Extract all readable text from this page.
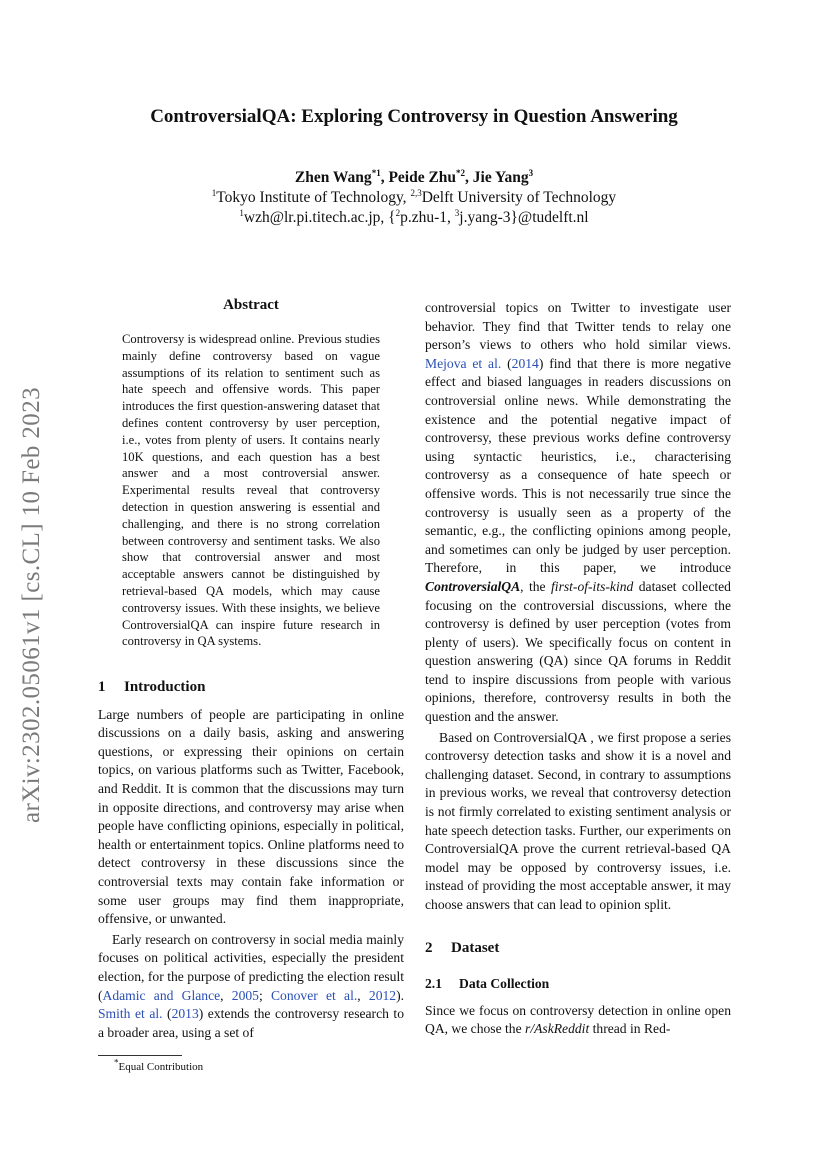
arXiv:2302.05061v1 [cs.CL] 10 Feb 2023
ControversialQA: Exploring Controversy in Question Answering
Zhen Wang$^{*1}$, Peide Zhu$^{*2}$, Jie Yang$^3$
$^1$Tokyo Institute of Technology, $^{2,3}$Delft University of Technology
$^1$wzh@lr.pi.titech.ac.jp, {$^2$p.zhu-1, $^3$j.yang-3}@tudelft.nl
Abstract
Controversy is widespread online. Previous studies mainly define controversy based on vague assumptions of its relation to sentiment such as hate speech and offensive words. This paper introduces the first question-answering dataset that defines content controversy by user perception, i.e., votes from plenty of users. It contains nearly 10K questions, and each question has a best answer and a most controversial answer. Experimental results reveal that controversy detection in question answering is essential and challenging, and there is no strong correlation between controversy and sentiment tasks. We also show that controversial answer and most acceptable answers cannot be distinguished by retrieval-based QA models, which may cause controversy issues. With these insights, we believe ControversialQA can inspire future research in controversy in QA systems.
1 Introduction

Large numbers of people are participating in online discussions on a daily basis, asking and answering questions, or expressing their opinions on certain topics, on various platforms such as Twitter, Facebook, and Reddit. It is common that the discussions may turn in opposite directions, and controversy may arise when people have conflicting opinions, especially in political, health or entertainment topics. Online platforms need to detect controversy in these discussions since the controversial texts may contain fake information or some user groups may find them inappropriate, offensive, or unwanted.

Early research on controversy in social media mainly focuses on political activities, especially the president election, for the purpose of predicting the election result (Adamic and Glance, 2005; Conover et al., 2012). Smith et al. (2013) extends the controversy research to a broader area, using a set of

controversial topics on Twitter to investigate user behavior. They find that Twitter tends to relay one person’s views to others who hold similar views. Mejova et al. (2014) find that there is more negative effect and biased languages in readers discussions on controversial online news. While demonstrating the existence and the potential negative impact of controversy, these previous works define controversy using syntactic heuristics, i.e., characterising controversy as a consequence of hate speech or offensive words. This is not necessarily true since the controversy is usually seen as a property of the semantic, e.g., the conflicting opinions among people, and sometimes can only be judged by user perception. Therefore, in this paper, we introduce ControversialQA, the first-of-its-kind dataset collected focusing on the controversial discussions, where the controversy is defined by user perception (votes from plenty of users). We specifically focus on content in question answering (QA) since QA forums in Reddit tend to inspire discussions from people with various opinions, therefore, controversy results in both the question and the answer.

Based on ControversialQA , we first propose a series controversy detection tasks and show it is a novel and challenging dataset. Second, in contrary to assumptions in previous works, we reveal that controversy detection is not firmly correlated to existing sentiment analysis or hate speech detection tasks. Further, our experiments on ControversialQA prove the current retrieval-based QA model may be opposed by controversy issues, i.e. instead of providing the most acceptable answer, it may choose answers that can lead to opinion split.

2 Dataset
2.1 Data Collection

Since we focus on controversy detection in online open QA, we chose the r/AskReddit thread in Red-

*Equal Contribution
